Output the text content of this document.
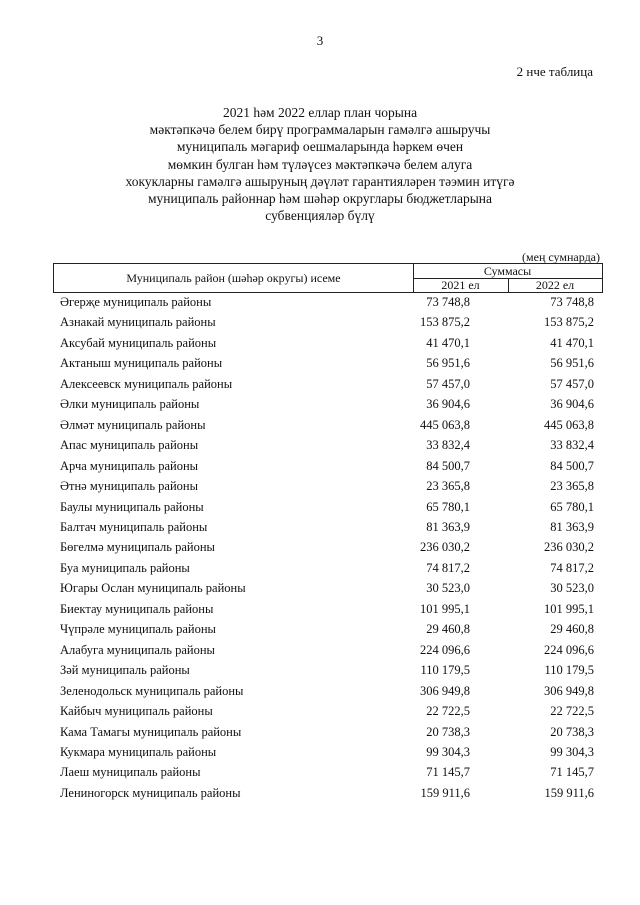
3
2 нче таблица
2021 һәм 2022 еллар план чорына
мәктәпкәчә белем бирү программаларын гамәлгә ашыручы
муниципаль мәгариф оешмаларында һәркем өчен
мөмкин булган һәм түләүсез мәктәпкәчә белем алуга
хокукларны гамәлгә ашыруның дәүләт гарантияләрен тәэмин итүгә
муниципаль районнар һәм шәһәр округлары бюджетларына
субвенцияләр бүлү
(мең сумнарда)
Муниципаль район (шәһәр округы) исеме	Суммасы
2021 ел	2022 ел
Әгерҗе муниципаль районы	73 748,8	73 748,8
Азнакай муниципаль районы	153 875,2	153 875,2
Аксубай муниципаль районы	41 470,1	41 470,1
Актаныш муниципаль районы	56 951,6	56 951,6
Алексеевск муниципаль районы	57 457,0	57 457,0
Әлки муниципаль районы	36 904,6	36 904,6
Әлмәт муниципаль районы	445 063,8	445 063,8
Апас муниципаль районы	33 832,4	33 832,4
Арча муниципаль районы	84 500,7	84 500,7
Әтнә муниципаль районы	23 365,8	23 365,8
Баулы муниципаль районы	65 780,1	65 780,1
Балтач муниципаль районы	81 363,9	81 363,9
Бөгелмә муниципаль районы	236 030,2	236 030,2
Буа муниципаль районы	74 817,2	74 817,2
Югары Ослан муниципаль районы	30 523,0	30 523,0
Биектау муниципаль районы	101 995,1	101 995,1
Чүпрәле муниципаль районы	29 460,8	29 460,8
Алабуга муниципаль районы	224 096,6	224 096,6
Зәй муниципаль районы	110 179,5	110 179,5
Зеленодольск муниципаль районы	306 949,8	306 949,8
Кайбыч муниципаль районы	22 722,5	22 722,5
Кама Тамагы муниципаль районы	20 738,3	20 738,3
Кукмара муниципаль районы	99 304,3	99 304,3
Лаеш муниципаль районы	71 145,7	71 145,7
Лениногорск муниципаль районы	159 911,6	159 911,6
